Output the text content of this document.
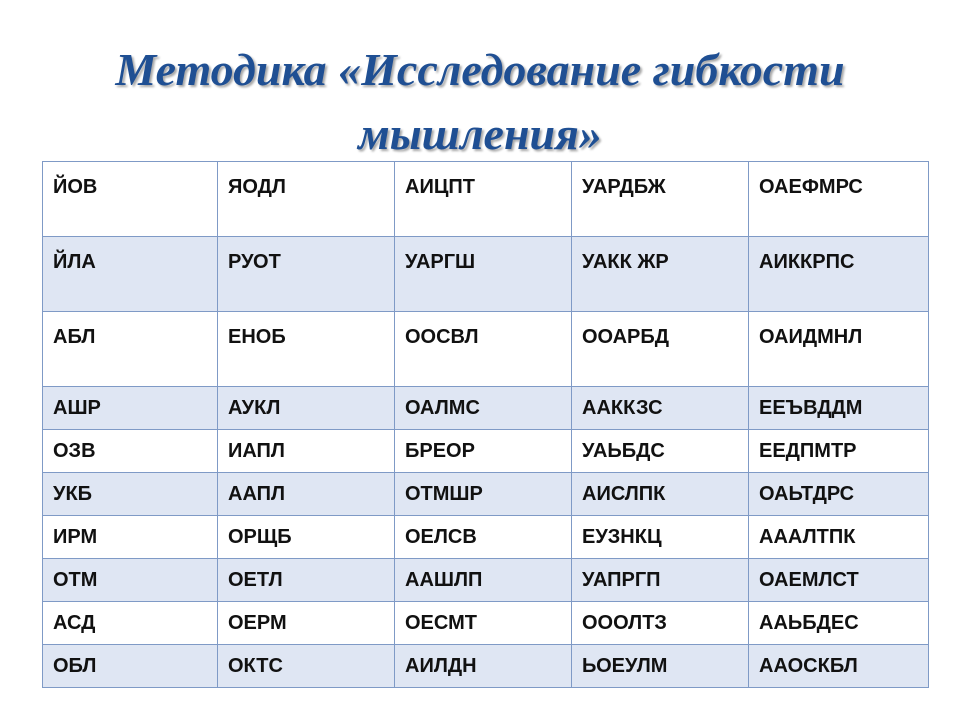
Методика «Исследование гибкости
мышления»
ЙОВ	ЯОДЛ	АИЦПТ	УАРДБЖ	ОАЕФМРС
ЙЛА	РУОТ	УАРГШ	УАКК ЖР	АИККРПС
АБЛ	ЕНОБ	ООСВЛ	ООАРБД	ОАИДМНЛ
АШР	АУКЛ	ОАЛМС	ААККЗС	ЕЕЪВДДМ
ОЗВ	ИАПЛ	БРЕОР	УАЬБДС	ЕЕДПМТР
УКБ	ААПЛ	ОТМШР	АИСЛПК	ОАЬТДРС
ИРМ	ОРЩБ	ОЕЛСВ	ЕУЗНКЦ	АААЛТПК
ОТМ	ОЕТЛ	ААШЛП	УАПРГП	ОАЕМЛСТ
АСД	ОЕРМ	ОЕСМТ	ОООЛТЗ	ААЬБДЕС
ОБЛ	ОКТС	АИЛДН	ЬОЕУЛМ	ААОСКБЛ
